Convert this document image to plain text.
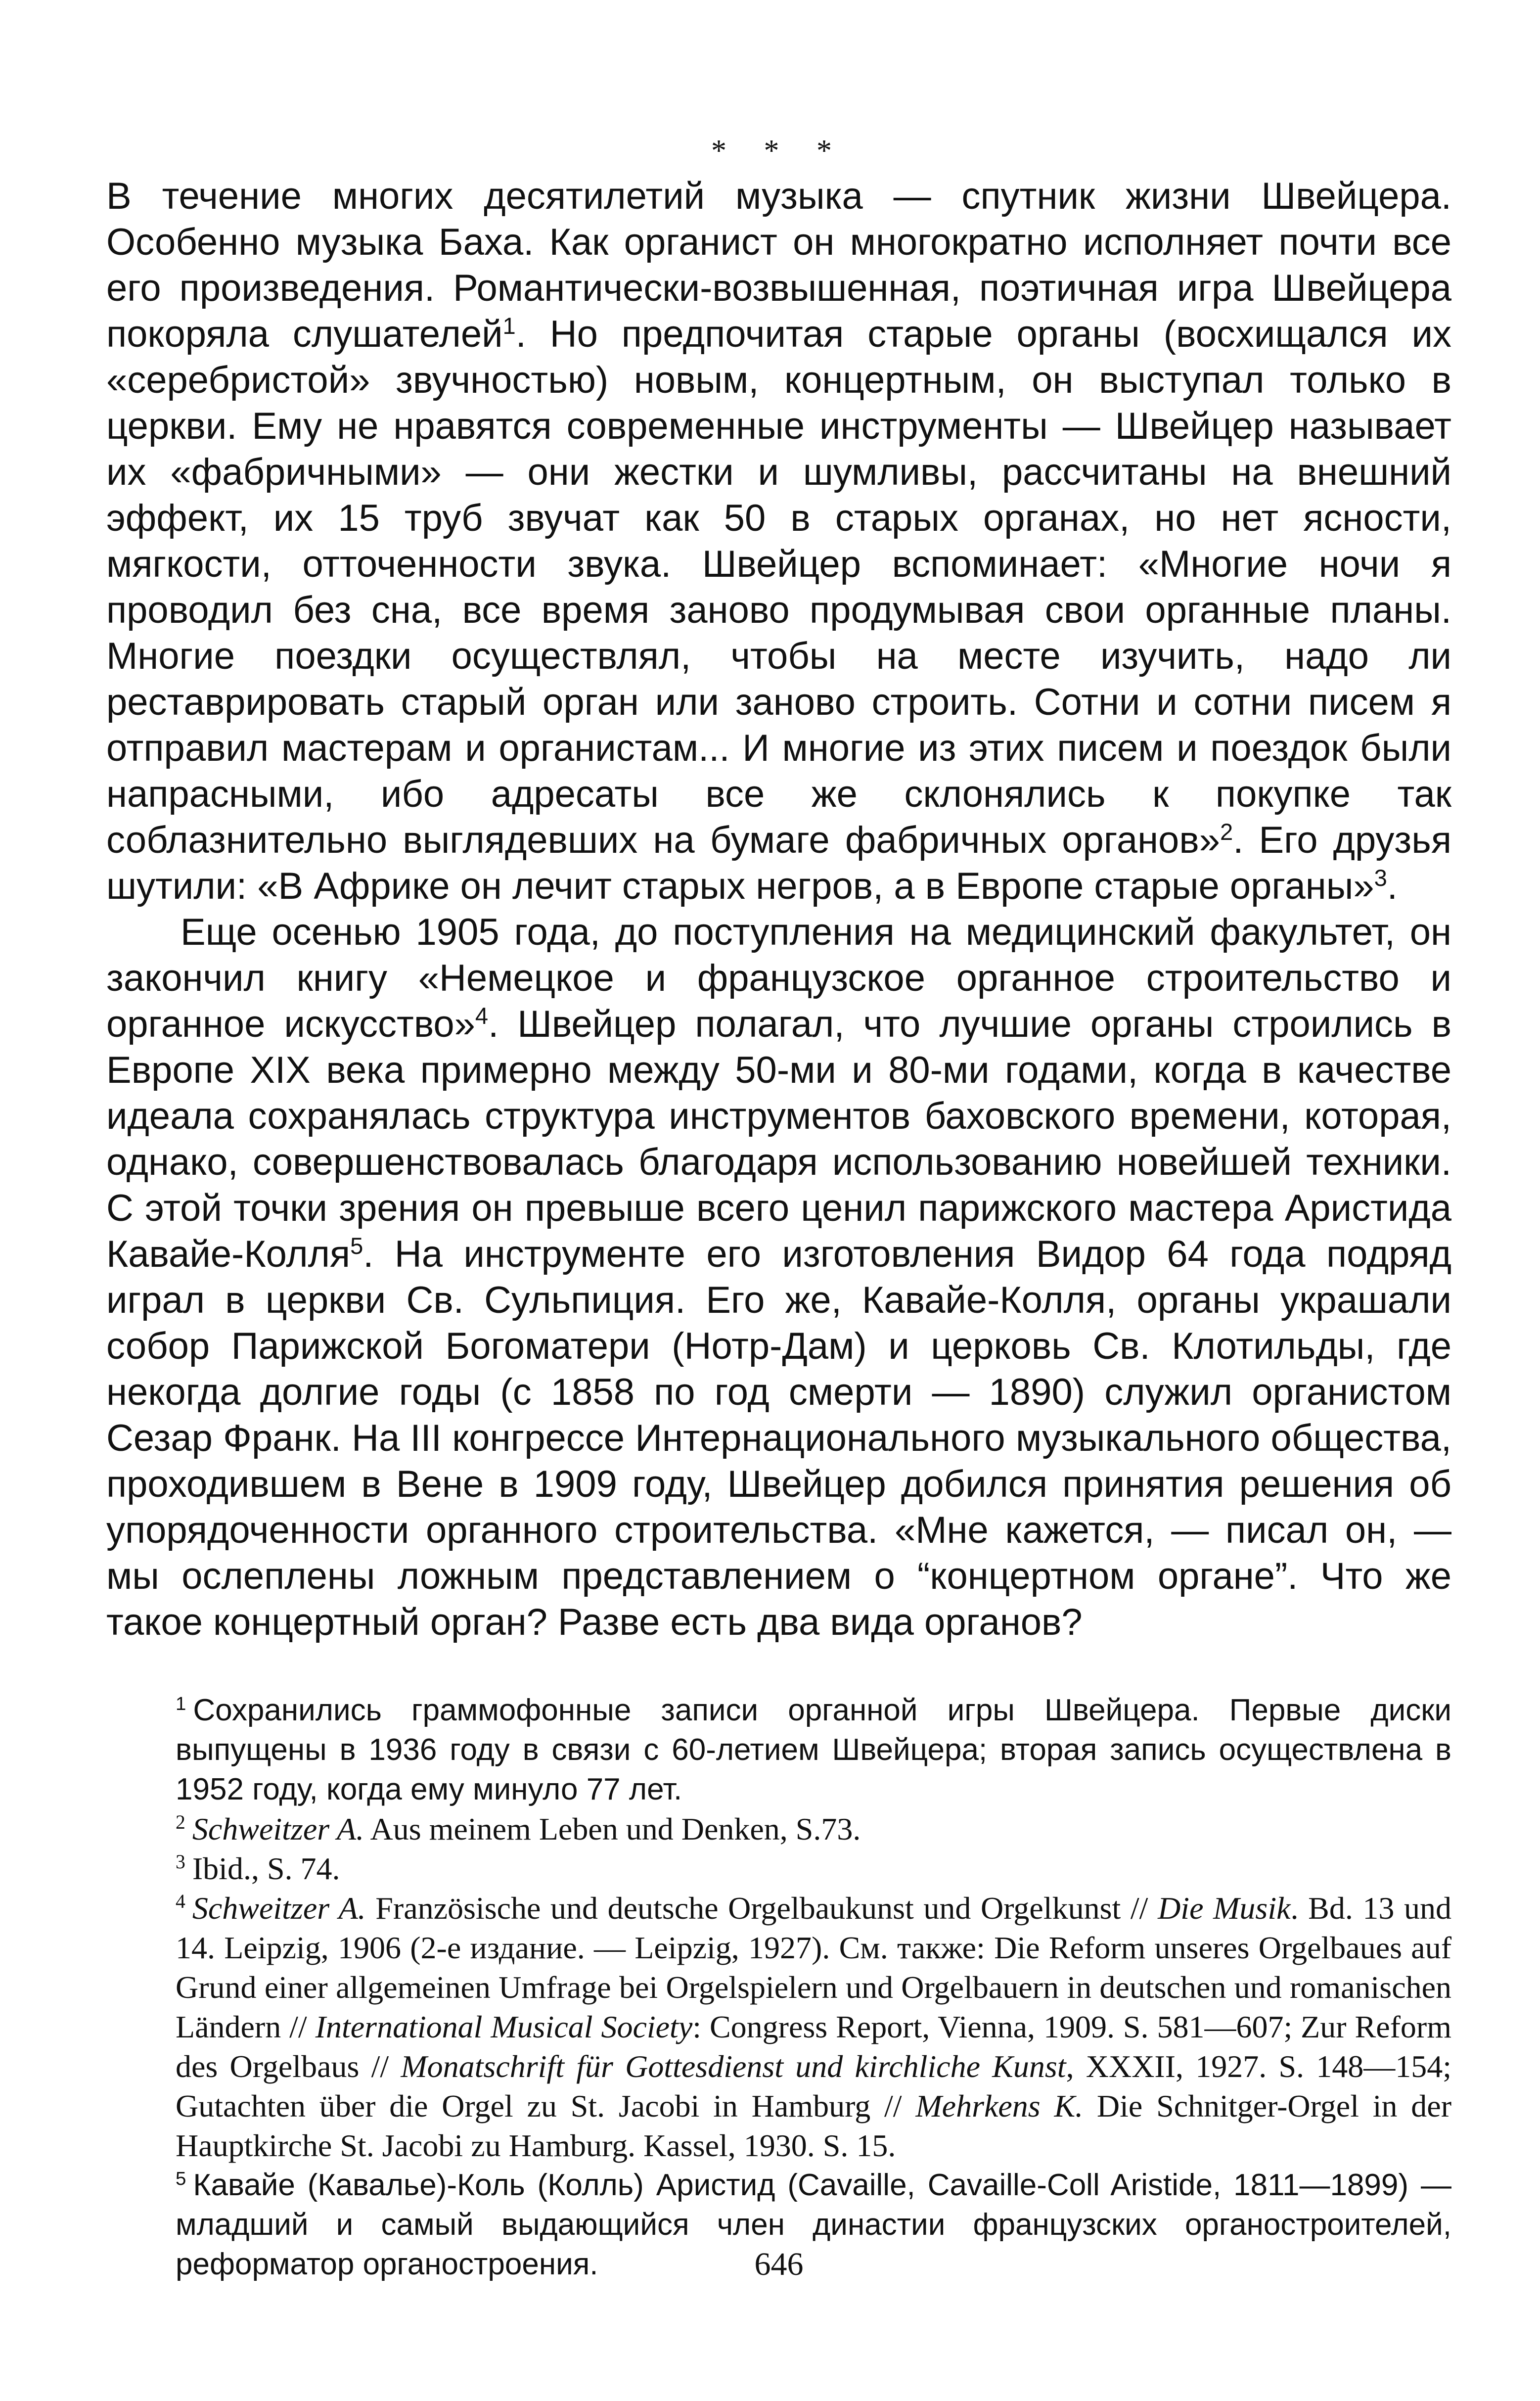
* * *

В течение многих десятилетий музыка — спутник жизни Швейцера. Особенно музыка Баха. Как органист он многократно исполняет почти все его произведения. Романтически-возвышенная, поэтичная игра Швейцера покоряла слушателей$^1$. Но предпочитая старые органы (восхищался их «серебристой» звучностью) новым, концертным, он выступал только в церкви. Ему не нравятся современные инструменты — Швейцер называет их «фабричными» — они жестки и шумливы, рассчитаны на внешний эффект, их 15 труб звучат как 50 в старых органах, но нет ясности, мягкости, отточенности звука. Швейцер вспоминает: «Многие ночи я проводил без сна, все время заново продумывая свои органные планы. Многие поездки осуществлял, чтобы на месте изучить, надо ли реставрировать старый орган или заново строить. Сотни и сотни писем я отправил мастерам и органистам... И многие из этих писем и поездок были напрасными, ибо адресаты все же склонялись к покупке так соблазнительно выглядевших на бумаге фабричных органов»$^2$. Его друзья шутили: «В Африке он лечит старых негров, а в Европе старые органы»$^3$.

Еще осенью 1905 года, до поступления на медицинский факультет, он закончил книгу «Немецкое и французское органное строительство и органное искусство»$^4$. Швейцер полагал, что лучшие органы строились в Европе XIX века примерно между 50-ми и 80-ми годами, когда в качестве идеала сохранялась структура инструментов баховского времени, которая, однако, совершенствовалась благодаря использованию новейшей техники. С этой точки зрения он превыше всего ценил парижского мастера Аристида Кавайе-Колля$^5$. На инструменте его изготовления Видор 64 года подряд играл в церкви Св. Сульпиция. Его же, Кавайе-Колля, органы украшали собор Парижской Богоматери (Нотр-Дам) и церковь Св. Клотильды, где некогда долгие годы (с 1858 по год смерти — 1890) служил органистом Сезар Франк. На III конгрессе Интернационального музыкального общества, проходившем в Вене в 1909 году, Швейцер добился принятия решения об упорядоченности органного строительства. «Мне кажется, — писал он, — мы ослеплены ложным представлением о “концертном органе”. Что же такое концертный орган? Разве есть два вида органов?

$^1$ Сохранились граммофонные записи органной игры Швейцера. Первые диски выпущены в 1936 году в связи с 60-летием Швейцера; вторая запись осуществлена в 1952 году, когда ему минуло 77 лет.

$^2$ Schweitzer A. Aus meinem Leben und Denken, S.73.

$^3$ Ibid., S. 74.

$^4$ Schweitzer A. Französische und deutsche Orgelbaukunst und Orgelkunst // Die Musik. Bd. 13 und 14. Leipzig, 1906 (2-е издание. — Leipzig, 1927). См. также: Die Reform unseres Orgelbaues auf Grund einer allgemeinen Umfrage bei Orgelspielern und Orgelbauern in deutschen und romanischen Ländern // International Musical Society: Congress Report, Vienna, 1909. S. 581—607; Zur Reform des Orgelbaus // Monatschrift für Gottesdienst und kirchliche Kunst, XXXII, 1927. S. 148—154; Gutachten über die Orgel zu St. Jacobi in Hamburg // Mehrkens K. Die Schnitger-Orgel in der Hauptkirche St. Jacobi zu Hamburg. Kassel, 1930. S. 15.

$^5$ Кавайе (Кавалье)-Коль (Колль) Аристид (Cavaille, Cavaille-Coll Aristide, 1811—1899) — младший и самый выдающийся член династии французских органостроителей, реформатор органостроения.	646
